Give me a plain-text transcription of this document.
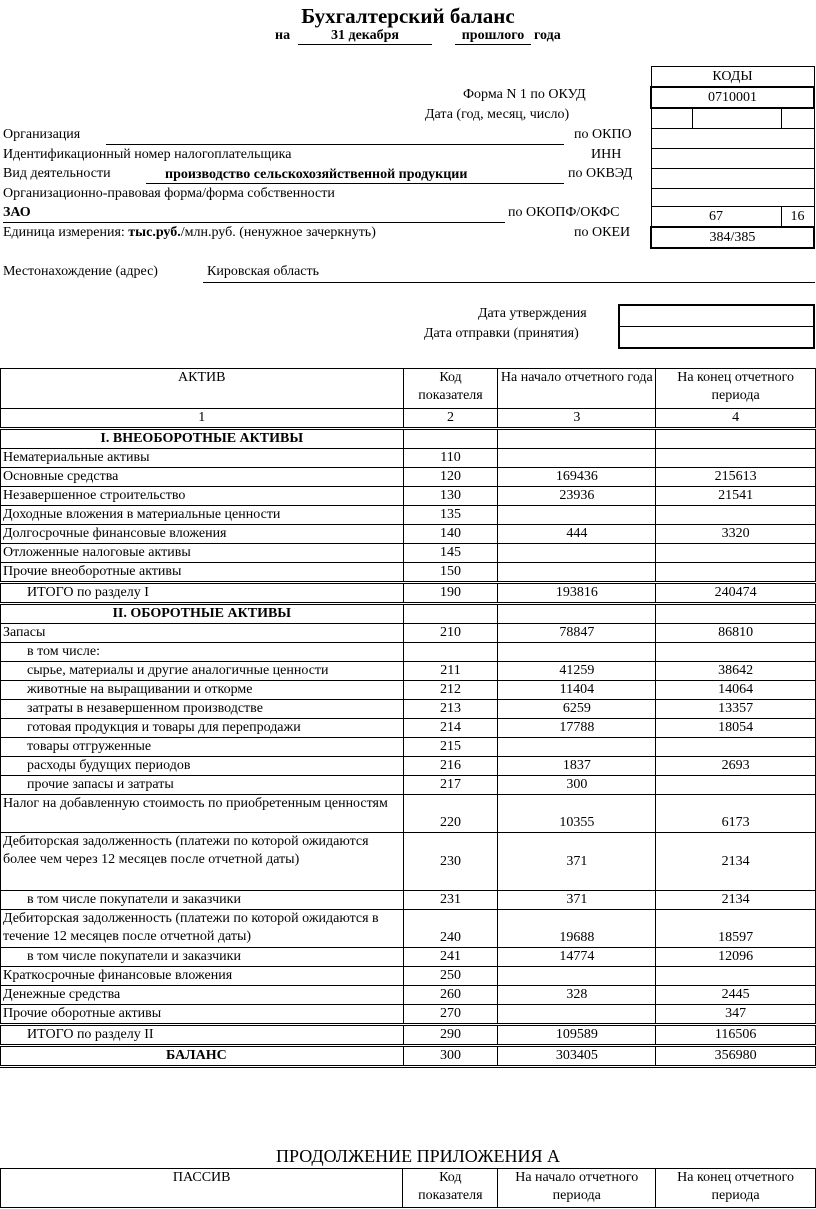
Бухгалтерский баланс
на	31 декабря	прошлого года
КОДЫ		
0710001		

67		16
384/385		
Форма N 1 по ОКУД
Дата (год, месяц, число)
Организация	по ОКПО
Идентификационный номер налогоплательщика	ИНН
Вид деятельности	производство сельскохозяйственной продукции	по ОКВЭД
Организационно-правовая форма/форма собственности
ЗАО	по ОКОПФ/ОКФС
Единица измерения: тыс.руб./млн.руб. (ненужное зачеркнуть)	по ОКЕИ
Местонахождение (адрес)	Кировская область
Дата утверждения
Дата отправки (принятия)

АКТИВ	Код показателя	На начало отчетного года	На конец отчетного периода
1	2	3	4
I. ВНЕОБОРОТНЫЕ АКТИВЫ			
Нематериальные активы	110		
Основные средства	120	169436	215613
Незавершенное строительство	130	23936	21541
Доходные вложения в материальные ценности	135		
Долгосрочные финансовые вложения	140	444	3320
Отложенные налоговые активы	145		
Прочие внеоборотные активы	150		
ИТОГО по разделу I	190	193816	240474
II. ОБОРОТНЫЕ АКТИВЫ			
Запасы	210	78847	86810
в том числе:			
сырье, материалы и другие аналогичные ценности	211	41259	38642
животные на выращивании и откорме	212	11404	14064
затраты в незавершенном производстве	213	6259	13357
готовая продукция и товары для перепродажи	214	17788	18054
товары отгруженные	215		
расходы будущих периодов	216	1837	2693
прочие запасы и затраты	217	300	
Налог на добавленную стоимость по приобретенным ценностям	220	10355	6173
Дебиторская задолженность (платежи по которой ожидаются более чем через 12 месяцев после отчетной даты)	230	371	2134
в том числе покупатели и заказчики	231	371	2134
Дебиторская задолженность (платежи по которой ожидаются в течение 12 месяцев после отчетной даты)	240	19688	18597
в том числе покупатели и заказчики	241	14774	12096
Краткосрочные финансовые вложения	250		
Денежные средства	260	328	2445
Прочие оборотные активы	270		347
ИТОГО по разделу II	290	109589	116506
БАЛАНС	300	303405	356980
ПРОДОЛЖЕНИЕ ПРИЛОЖЕНИЯ А
ПАССИВ	Код показателя	На начало отчетного периода	На конец отчетного периода
